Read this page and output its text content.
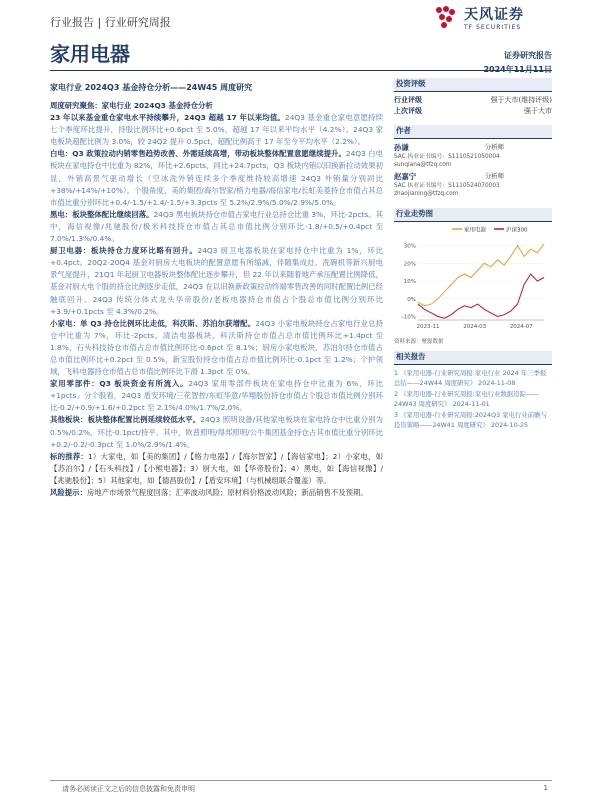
行业报告 | 行业研究周报
家用电器
天风证券
TF SECURITIES
证券研究报告
家电行业 2024Q3 基金持仓分析——24W45 周度研究

周度研究聚焦：家电行业 2024Q3 基金持仓分析

23 年以来基金重仓家电水平持续攀升，24Q3 超越 17 年以来均值。24Q3 基金重仓家电意愿持续七个季度环比提升，持股比例环比+0.6pct 至 5.0%，超越 17 年以来平均水平（4.2%）。24Q3 家电板块超配比例为 3.0%，较 24Q2 提升 0.5pct，超配比例高于 17 年至今平均水平（2.2%）。

白电：Q3 政策拉动内销零售趋势改善、外需延续高增，带动板块整体配置意愿继续提升。24Q3 白电板块在家电持仓中比重为 82%，环比+2.6pcts，同比+24.7pcts，Q3 板块内销以旧换新拉动效果初显，外销高景气驱动增长（空冰洗外销连续多个季度维持较高增速 24Q3 外销量分别同比+38%/+14%/+10%）。个股角度，美的集团/海尔智家/格力电器/海信家电/长虹美菱持仓市值占其总市值比重分别环比+0.4/-1.5/+1.4/-1.5/+3.3pcts 至 5.2%/2.9%/5.0%/2.9%/5.0%。

黑电：板块整体配比继续回落。24Q3 黑电板块持仓市值占家电行业总持仓比重 3%，环比-2pcts。其中，海信视像/兆驰股份/极米科技持仓市值占其总市值比例分别环比-1.8/+0.5/+0.4pct 至 7.0%/1.3%/0.4%。

厨卫电器：板块持仓力度环比略有回升。24Q3 厨卫电器板块在家电持仓中比重为 1%，环比+0.4pct。20Q2-20Q4 基金对厨房大电板块的配置意愿有所缩减，伴随集成灶、洗碗机等新兴厨电景气度提升，21Q1 年起厨卫电器板块整体配比逐步攀升，但 22 年以来随着地产承压配置比例降低，基金对厨大电个股的持仓比例逐步走低，24Q3 在以旧换新政策拉动终端零售改善的同时配置比例已经触底回升。24Q3 传统分体式龙头华帝股份/老板电器持仓市值占个股总市值比例分别环比+3.9/+0.1pcts 至 4.3%/0.2%。

小家电：单 Q3 持仓比例环比走低，科沃斯、苏泊尔获增配。24Q3 小家电板块持仓占家电行业总持仓中比重为 7%，环比-2pcts。清洁电器板块，科沃斯持仓市值占总市值比例环比+1.4pct 至 1.8%，石头科技持仓市值占总市值比例环比-0.6pct 至 8.1%；厨房小家电板块，苏泊尔持仓市值占总市值比例环比+0.2pct 至 0.5%，新宝股份持仓市值占总市值比例环比-0.1pct 至 1.2%；个护领域，飞科电器持仓市值占总市值比例环比下滑 1.3pct 至 0%。

家用零部件：Q3 板块资金有所流入。24Q3 家用零部件板块在家电持仓中比重为 6%，环比+1pcts。分个股看，24Q3 盾安环境/三花智控/东虹华意/华翔股份持仓市值占个股总市值比例分别环比-0.2/+0.9/+1.6/+0.2pct 至 2.1%/4.0%/1.7%/2.0%。

其他板块：板块整体配置比例延续较低水平。24Q3 照明设备/其他家电板块在家电持仓中比重分别为 0.5%/0.2%，环比-0.1pct/持平。其中，欧普照明/得邦照明/公牛集团基金持仓占其市值比重分别环比+0.2/-0.2/-0.3pct 至 1.0%/2.9%/1.4%。

标的推荐：1）大家电，如【美的集团】/【格力电器】/【海尔智家】/【海信家电】；2）小家电，如【苏泊尔】/【石头科技】/【小熊电器】；3）厨大电，如【华帝股份】；4）黑电，如【海信视像】/【兆驰股份】；5）其他家电，如【德昌股份】/【盾安环境】（与机械组联合覆盖）等。

风险提示：房地产市场景气程度回落；汇率波动风险；原材料价格波动风险；新品销售不及预期。

投资评级
行业评级	强于大市(维持评级)
上次评级	强于大市
作者
孙谦	分析师
SAC 执业证书编号：S1110521050004
sunqiana@tfzq.com
赵嘉宁	分析师
SAC 执业证书编号：S1110524070003
zhaojianing@tfzq.com
行业走势图
家用电器	沪深300
30%
20%
10%
0%
-10%
2023-11	2024-03	2024-07
资料来源：聚源数据
相关报告
1 《家用电器-行业研究周报:家电行业 2024 年三季报总结——24W44 周度研究》 2024-11-08
2 《家用电器-行业研究周报:家电行业数据追踪——24W43 周度研究》 2024-11-01
3 《家用电器-行业研究周报:2024Q3 家电行业前瞻与投资策略——24W41 周度研究》 2024-10-25
请务必阅读正文之后的信息披露和免责申明	1
